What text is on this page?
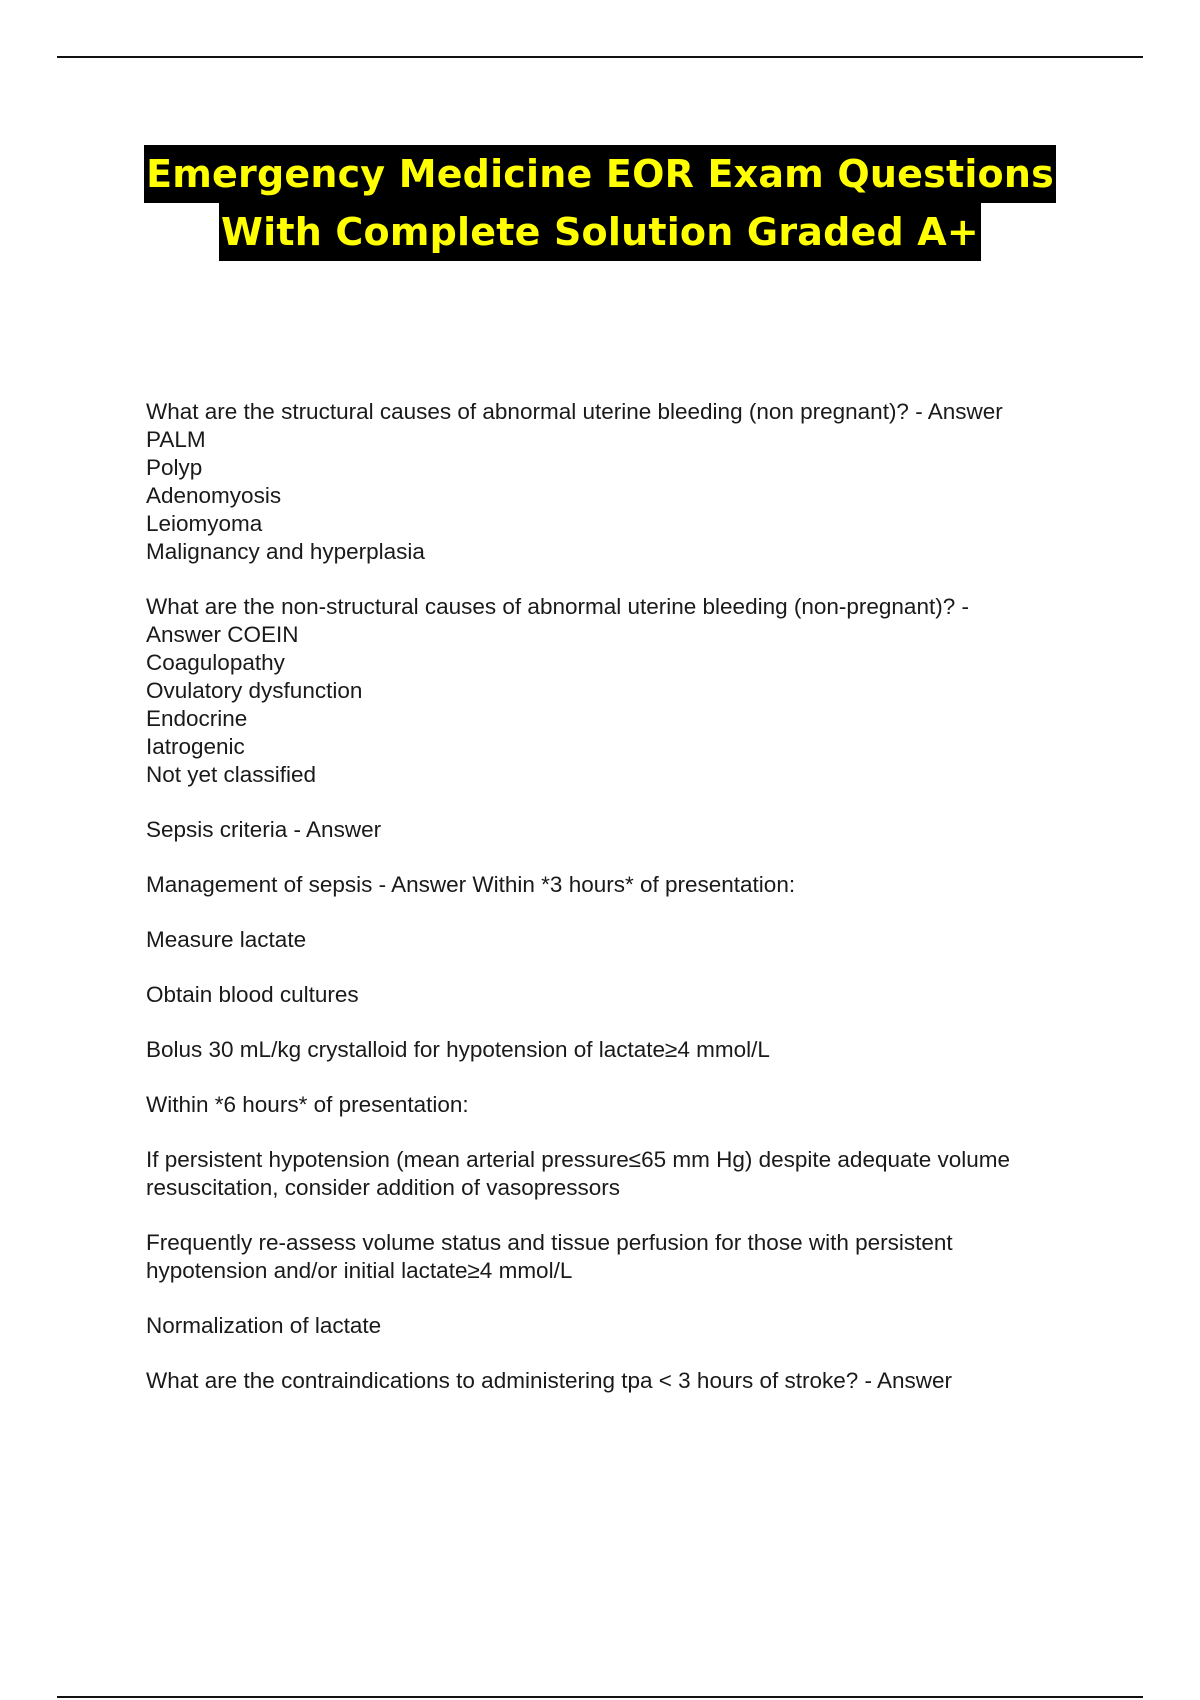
Emergency Medicine EOR Exam Questions
With Complete Solution Graded A+
What are the structural causes of abnormal uterine bleeding (non pregnant)? - Answer
PALM
Polyp
Adenomyosis
Leiomyoma
Malignancy and hyperplasia
What are the non-structural causes of abnormal uterine bleeding (non-pregnant)? -
Answer COEIN
Coagulopathy
Ovulatory dysfunction
Endocrine
Iatrogenic
Not yet classified
Sepsis criteria - Answer
Management of sepsis - Answer Within *3 hours* of presentation:
Measure lactate
Obtain blood cultures
Bolus 30 mL/kg crystalloid for hypotension of lactate≥4 mmol/L
Within *6 hours* of presentation:
If persistent hypotension (mean arterial pressure≤65 mm Hg) despite adequate volume
resuscitation, consider addition of vasopressors
Frequently re-assess volume status and tissue perfusion for those with persistent
hypotension and/or initial lactate≥4 mmol/L
Normalization of lactate
What are the contraindications to administering tpa < 3 hours of stroke? - Answer
